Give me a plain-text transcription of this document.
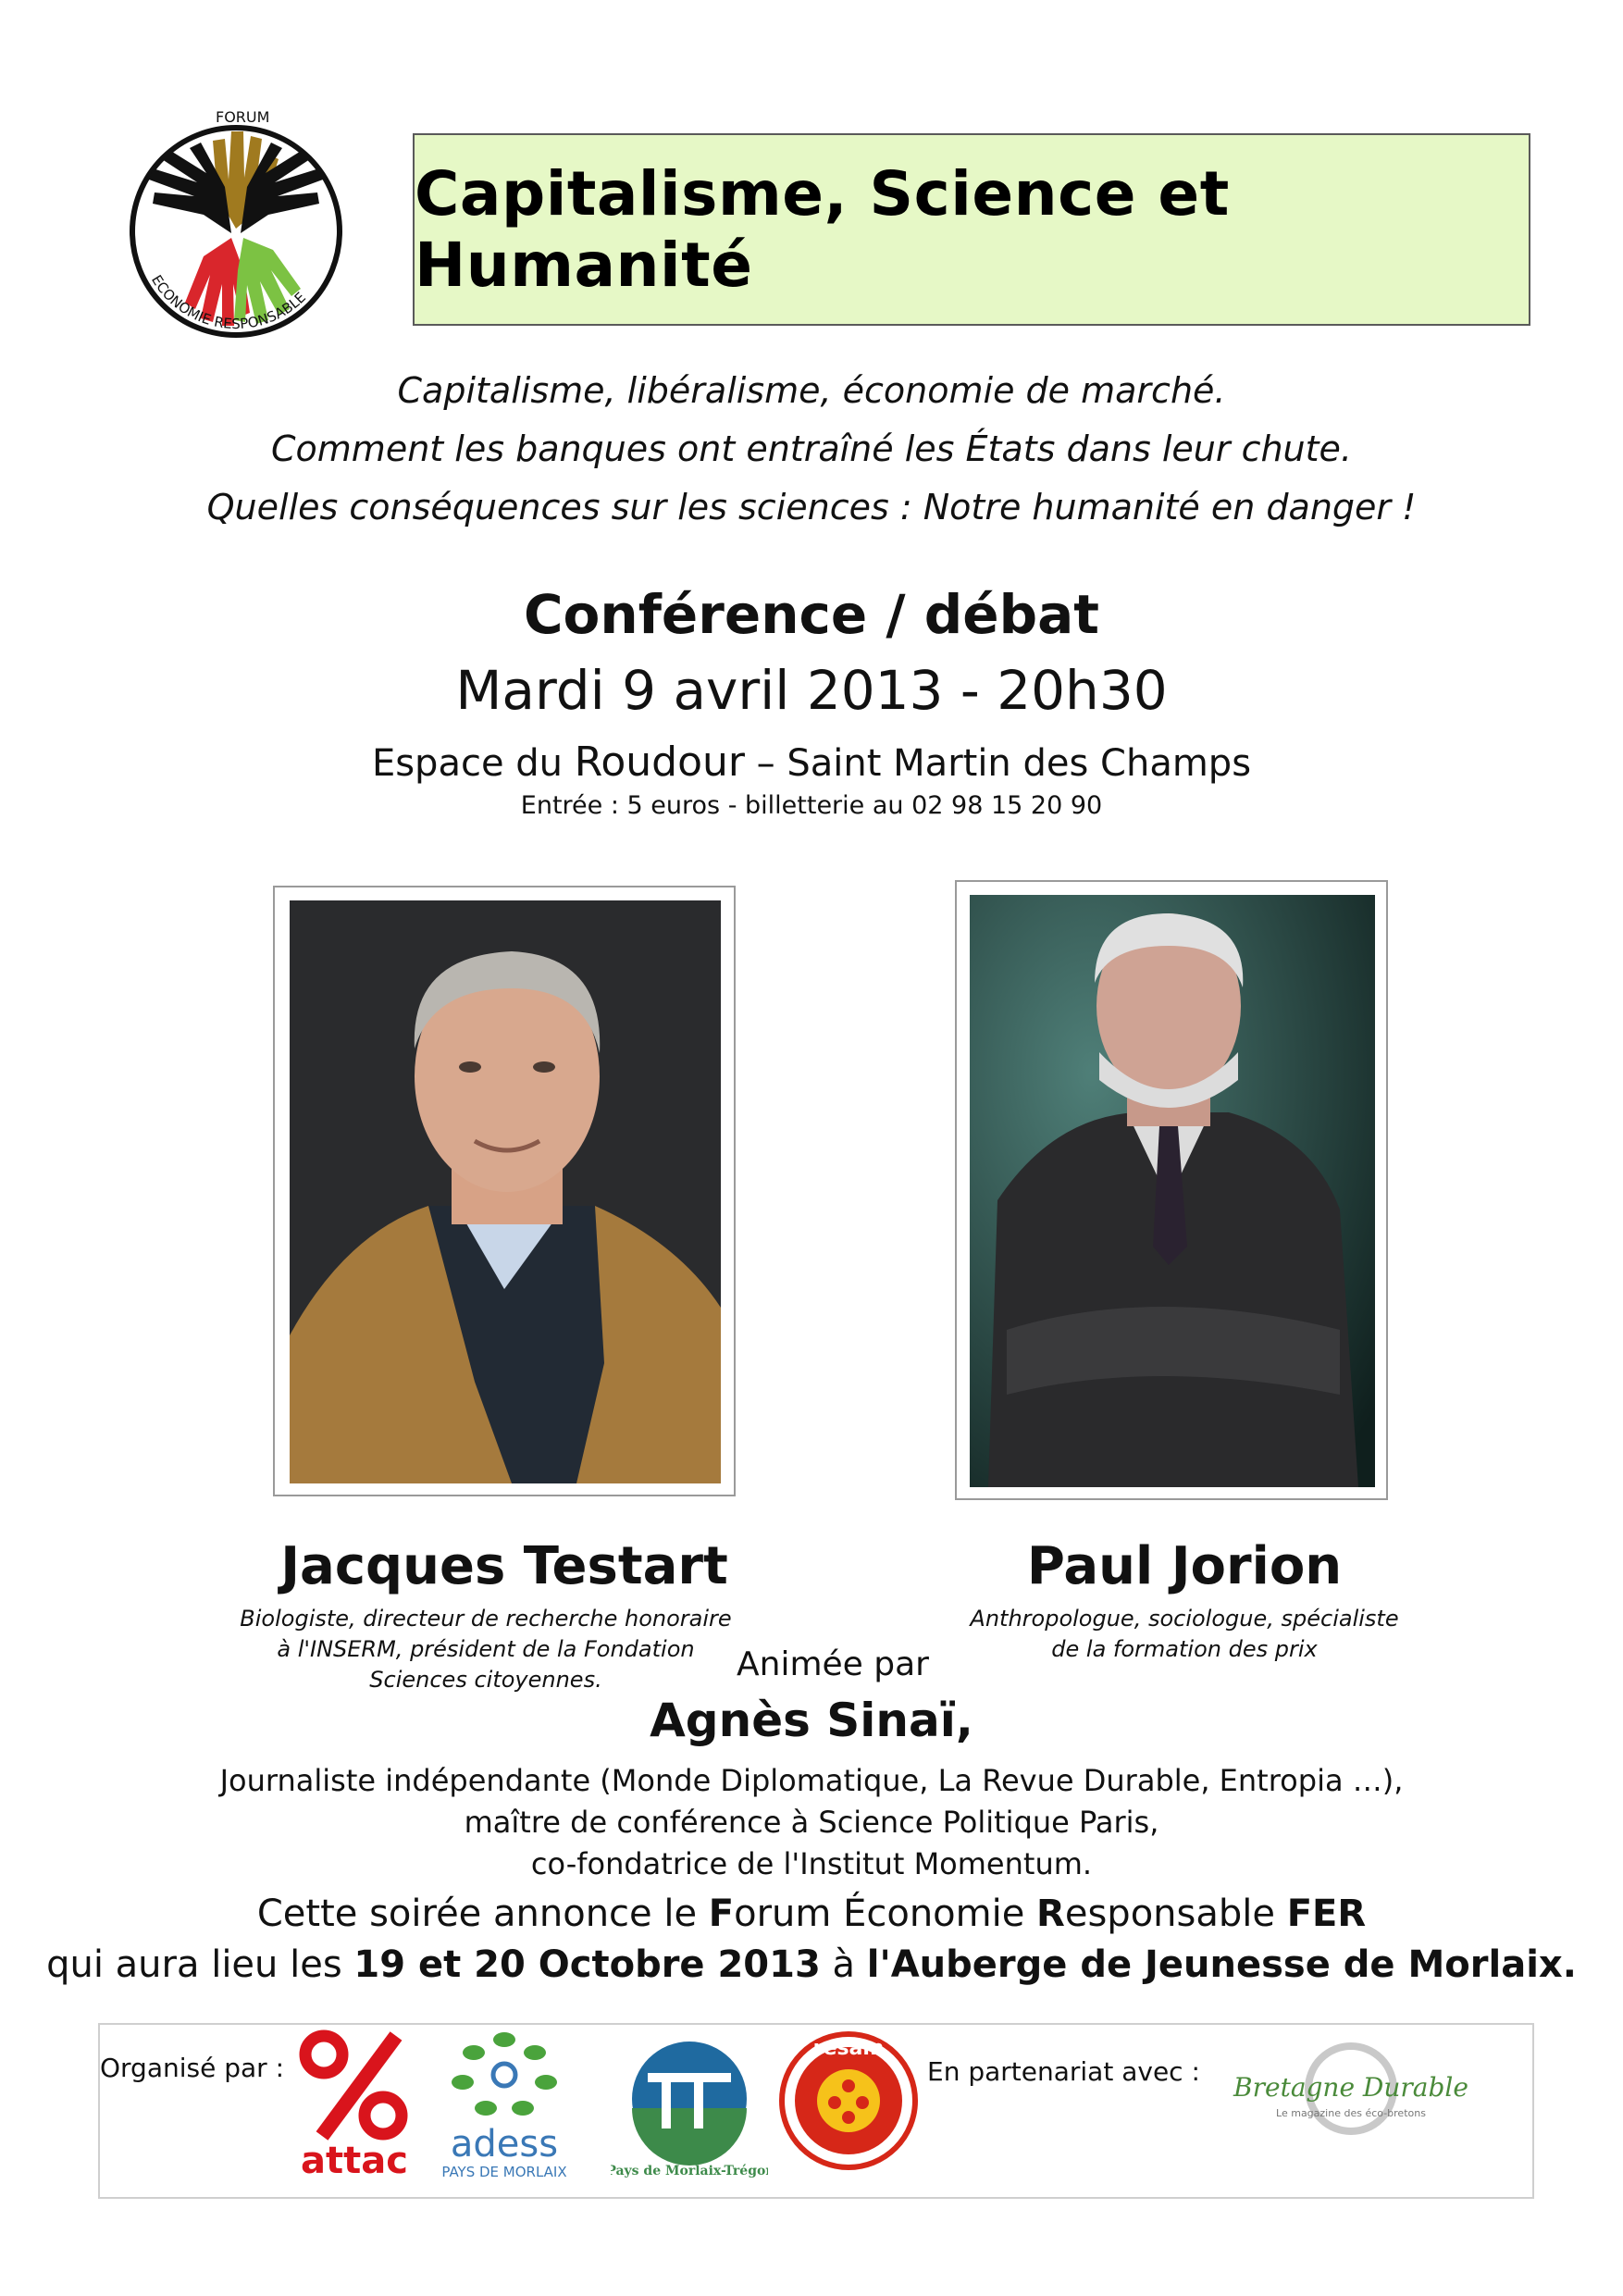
FORUM
ECONOMIE RESPONSABLE
Capitalisme, Science et Humanité
Capitalisme, libéralisme, économie de marché.
Comment les banques ont entraîné les États dans leur chute.
Quelles conséquences sur les sciences : Notre humanité en danger !
Conférence / débat
Mardi 9 avril 2013 - 20h30
Espace du Roudour – Saint Martin des Champs
Entrée : 5 euros - billetterie au 02 98 15 20 90
Jacques Testart	Paul Jorion
Biologiste, directeur de recherche honoraire à l'INSERM, président de la Fondation Sciences citoyennes.
Anthropologue, sociologue, spécialiste de la formation des prix
Animée par
Agnès Sinaï,
Journaliste indépendante (Monde Diplomatique, La Revue Durable, Entropia …),
maître de conférence à Science Politique Paris,
co-fondatrice de l'Institut Momentum.
Cette soirée annonce le Forum Économie Responsable FER
qui aura lieu les 19 et 20 Octobre 2013 à l'Auberge de Jeunesse de Morlaix.
Organisé par :	En partenariat avec :
attac adess
PAYS DE MORLAIX	Pays de Morlaix-Trégor
resam
Bretagne Durable
Le magazine des éco-bretons
